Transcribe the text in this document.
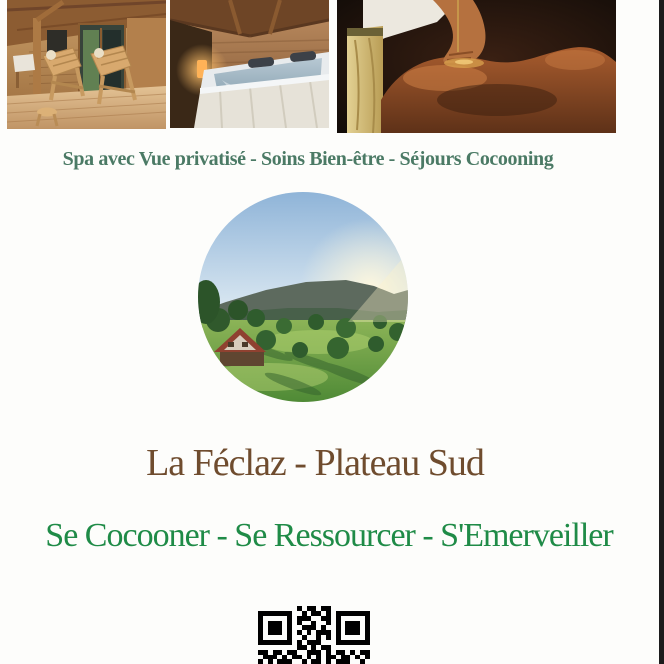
Spa avec Vue privatisé - Soins Bien-être - Séjours Cocooning
La Féclaz - Plateau Sud
Se Cocooner - Se Ressourcer - S'Emerveiller
